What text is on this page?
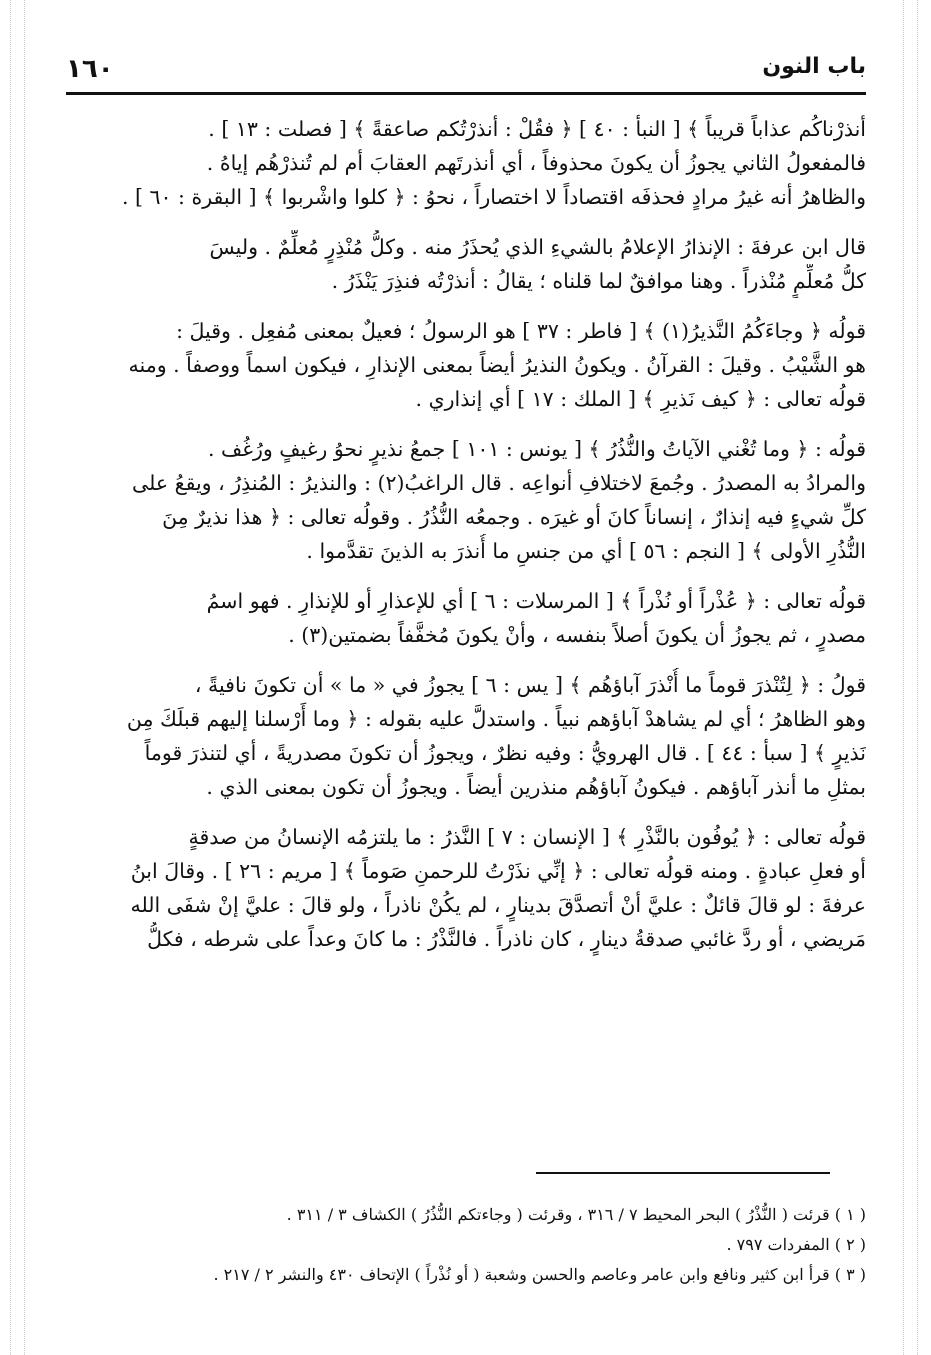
١٦٠	باب النون

أنذرْناكُم عذاباً قريباً ﴾ [ النبأ : ٤٠ ] ﴿ فقُلْ : أنذرْتُكم صاعقةً ﴾ [ فصلت : ١٣ ] .
فالمفعولُ الثاني يجوزُ أن يكونَ محذوفاً ، أي أنذرتَهم العقابَ أم لم تُنذرْهُم إياهُ .
والظاهرُ أنه غيرُ مرادٍ فحذفَه اقتصاداً لا اختصاراً ، نحوُ : ﴿ كلوا واشْربوا ﴾ [ البقرة : ٦٠ ] .

قال ابن عرفةَ : الإنذارُ الإعلامُ بالشيءِ الذي يُحذَرُ منه . وكلُّ مُنْذِرٍ مُعلِّمٌ . وليسَ
كلُّ مُعلِّمٍ مُنْذراً . وهنا موافقٌ لما قلناه ؛ يقالُ : أنذرْتُه فنذِرَ يَنْذَرُ .

قولُه ﴿ وجاءَكُمُ النَّذيرُ(١) ﴾ [ فاطر : ٣٧ ] هو الرسولُ ؛ فعيلٌ بمعنى مُفعِل . وقيلَ :
هو الشَّيْبُ . وقيلَ : القرآنُ . ويكونُ النذيرُ أيضاً بمعنى الإنذارِ ، فيكون اسماً ووصفاً . ومنه
قولُه تعالى : ﴿ كيف نَذيرِ ﴾ [ الملك : ١٧ ] أي إنذاري .

قولُه : ﴿ وما تُغْني الآياتُ والنُّذُرُ ﴾ [ يونس : ١٠١ ] جمعُ نذيرٍ نحوُ رغيفٍ ورُغُف .
والمرادُ به المصدرُ . وجُمعَ لاختلافِ أنواعِه . قال الراغبُ(٢) : والنذيرُ : المُنذِرُ ، ويقعُ على
كلِّ شيءٍ فيه إنذارٌ ، إنساناً كانَ أو غيرَه . وجمعُه النُّذُرُ . وقولُه تعالى : ﴿ هذا نذيرٌ مِنَ
النُّذُرِ الأولى ﴾ [ النجم : ٥٦ ] أي من جنسِ ما أُنذرَ به الذينَ تقدَّموا .

قولُه تعالى : ﴿ عُذْراً أو نُذْراً ﴾ [ المرسلات : ٦ ] أي للإعذارِ أو للإنذارِ . فهو اسمُ
مصدرٍ ، ثم يجوزُ أن يكونَ أصلاً بنفسه ، وأنْ يكونَ مُخفَّفاً بضمتين(٣) .

قولُ : ﴿ لِتُنْذرَ قوماً ما أُنْذرَ آباؤهُم ﴾ [ يس : ٦ ] يجوزُ في « ما » أن تكونَ نافيةً ،
وهو الظاهرُ ؛ أي لم يشاهدْ آباؤهم نبياً . واستدلَّ عليه بقوله : ﴿ وما أَرْسلنا إليهم قبلَكَ مِن
نَذيرٍ ﴾ [ سبأ : ٤٤ ] . قال الهرويُّ : وفيه نظرٌ ، ويجوزُ أن تكونَ مصدريةً ، أي لتنذرَ قوماً
بمثلِ ما أنذر آباؤهم . فيكونُ آباؤهُم منذرين أيضاً . ويجوزُ أن تكون بمعنى الذي .

قولُه تعالى : ﴿ يُوفُون بالنَّذْرِ ﴾ [ الإنسان : ٧ ] النَّذرُ : ما يلتزمُه الإنسانُ من صدقةٍ
أو فعلِ عبادةٍ . ومنه قولُه تعالى : ﴿ إنِّي نذَرْتُ للرحمنِ صَوماً ﴾ [ مريم : ٢٦ ] . وقالَ ابنُ
عرفةَ : لو قالَ قائلٌ : عليَّ أنْ أتصدَّقَ بدينارٍ ، لم يكُنْ ناذراً ، ولو قالَ : عليَّ إنْ شفَى الله
مَريضي ، أو ردَّ غائبي صدقةُ دينارٍ ، كان ناذراً . فالنَّذْرُ : ما كانَ وعداً على شرطه ، فكلُّ

( ١ ) قرئت ( النُّذْرُ ) البحر المحيط ٧ / ٣١٦ ، وقرئت ( وجاءتكم النُّذُرُ ) الكشاف ٣ / ٣١١ .
( ٢ ) المفردات ٧٩٧ .
( ٣ ) قرأ ابن كثير ونافع وابن عامر وعاصم والحسن وشعبة ( أو نُذْراً ) الإتحاف ٤٣٠ والنشر ٢ / ٢١٧ .
